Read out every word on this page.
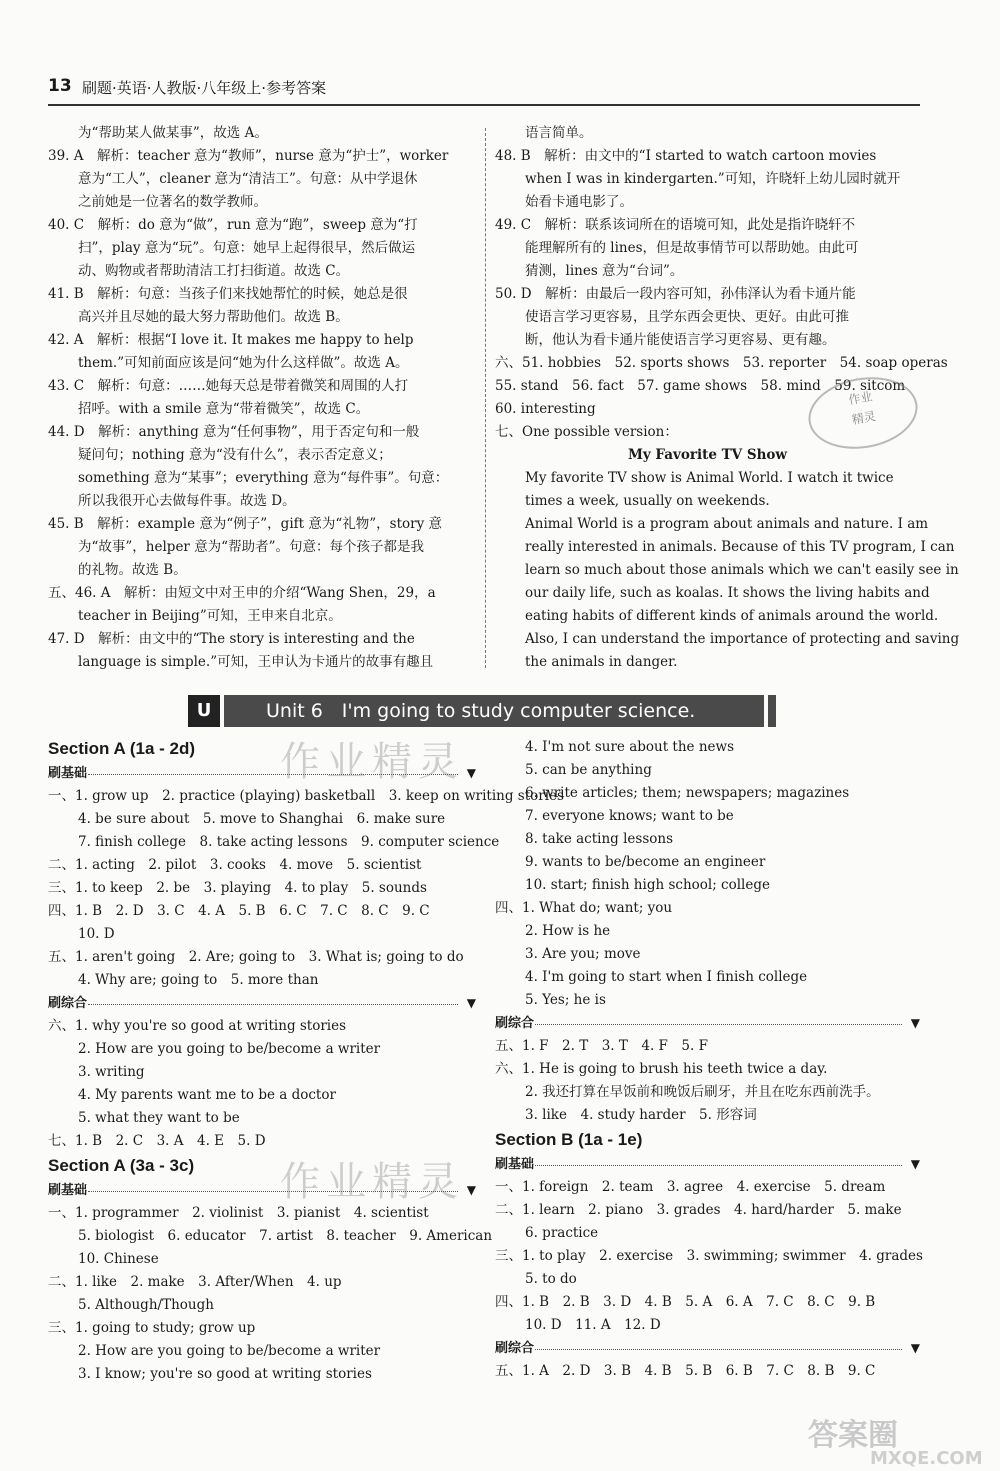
13 刷题·英语·人教版·八年级上·参考答案
为“帮助某人做某事”，故选 A。
39. A　解析：teacher 意为“教师”，nurse 意为“护士”，worker
意为“工人”，cleaner 意为“清洁工”。句意：从中学退休
之前她是一位著名的数学教师。
40. C　解析：do 意为“做”，run 意为“跑”，sweep 意为“打
扫”，play 意为“玩”。句意：她早上起得很早，然后做运
动、购物或者帮助清洁工打扫街道。故选 C。
41. B　解析：句意：当孩子们来找她帮忙的时候，她总是很
高兴并且尽她的最大努力帮助他们。故选 B。
42. A　解析：根据“I love it. It makes me happy to help
them.”可知前面应该是问“她为什么这样做”。故选 A。
43. C　解析：句意：……她每天总是带着微笑和周围的人打
招呼。with a smile 意为“带着微笑”，故选 C。
44. D　解析：anything 意为“任何事物”，用于否定句和一般
疑问句；nothing 意为“没有什么”，表示否定意义；
something 意为“某事”；everything 意为“每件事”。句意：
所以我很开心去做每件事。故选 D。
45. B　解析：example 意为“例子”，gift 意为“礼物”，story 意
为“故事”，helper 意为“帮助者”。句意：每个孩子都是我
的礼物。故选 B。
五、46. A　解析：由短文中对王申的介绍“Wang Shen，29，a
teacher in Beijing”可知，王申来自北京。
47. D　解析：由文中的“The story is interesting and the
language is simple.”可知，王申认为卡通片的故事有趣且
语言简单。
48. B　解析：由文中的“I started to watch cartoon movies
when I was in kindergarten.”可知，许晓轩上幼儿园时就开
始看卡通电影了。
49. C　解析：联系该词所在的语境可知，此处是指许晓轩不
能理解所有的 lines，但是故事情节可以帮助她。由此可
猜测，lines 意为“台词”。
50. D　解析：由最后一段内容可知，孙伟泽认为看卡通片能
使语言学习更容易，且学东西会更快、更好。由此可推
断，他认为看卡通片能使语言学习更容易、更有趣。
六、51. hobbies　52. sports shows　53. reporter　54. soap operas
55. stand　56. fact　57. game shows　58. mind　59. sitcom
60. interesting
七、One possible version：
My Favorite TV Show
My favorite TV show is Animal World. I watch it twice
times a week, usually on weekends.
Animal World is a program about animals and nature. I am
really interested in animals. Because of this TV program, I can
learn so much about those animals which we can't easily see in
our daily life, such as koalas. It shows the living habits and
eating habits of different kinds of animals around the world.
Also, I can understand the importance of protecting and saving
the animals in danger.
作业
精灵
U	Unit 6　I'm going to study computer science.
Section A (1a - 2d)
刷基础	▼
一、1. grow up　2. practice (playing) basketball　3. keep on writing stories
4. be sure about　5. move to Shanghai　6. make sure
7. finish college　8. take acting lessons　9. computer science
二、1. acting　2. pilot　3. cooks　4. move　5. scientist
三、1. to keep　2. be　3. playing　4. to play　5. sounds
四、1. B　2. D　3. C　4. A　5. B　6. C　7. C　8. C　9. C
10. D
五、1. aren't going　2. Are; going to　3. What is; going to do
4. Why are; going to　5. more than
刷综合	▼
六、1. why you're so good at writing stories
2. How are you going to be/become a writer
3. writing
4. My parents want me to be a doctor
5. what they want to be
七、1. B　2. C　3. A　4. E　5. D
Section A (3a - 3c)
刷基础	▼
一、1. programmer　2. violinist　3. pianist　4. scientist
5. biologist　6. educator　7. artist　8. teacher　9. American
10. Chinese
二、1. like　2. make　3. After/When　4. up
5. Although/Though
三、1. going to study; grow up
2. How are you going to be/become a writer
3. I know; you're so good at writing stories
4. I'm not sure about the news
5. can be anything
6. write articles; them; newspapers; magazines
7. everyone knows; want to be
8. take acting lessons
9. wants to be/become an engineer
10. start; finish high school; college
四、1. What do; want; you
2. How is he
3. Are you; move
4. I'm going to start when I finish college
5. Yes; he is
刷综合	▼
五、1. F　2. T　3. T　4. F　5. F
六、1. He is going to brush his teeth twice a day.
2. 我还打算在早饭前和晚饭后刷牙，并且在吃东西前洗手。
3. like　4. study harder　5. 形容词
Section B (1a - 1e)
刷基础	▼
一、1. foreign　2. team　3. agree　4. exercise　5. dream
二、1. learn　2. piano　3. grades　4. hard/harder　5. make
6. practice
三、1. to play　2. exercise　3. swimming; swimmer　4. grades
5. to do
四、1. B　2. B　3. D　4. B　5. A　6. A　7. C　8. C　9. B
10. D　11. A　12. D
刷综合	▼
五、1. A　2. D　3. B　4. B　5. B　6. B　7. C　8. B　9. C
作业精灵
作业精灵
答案圈
MXQE.COM
